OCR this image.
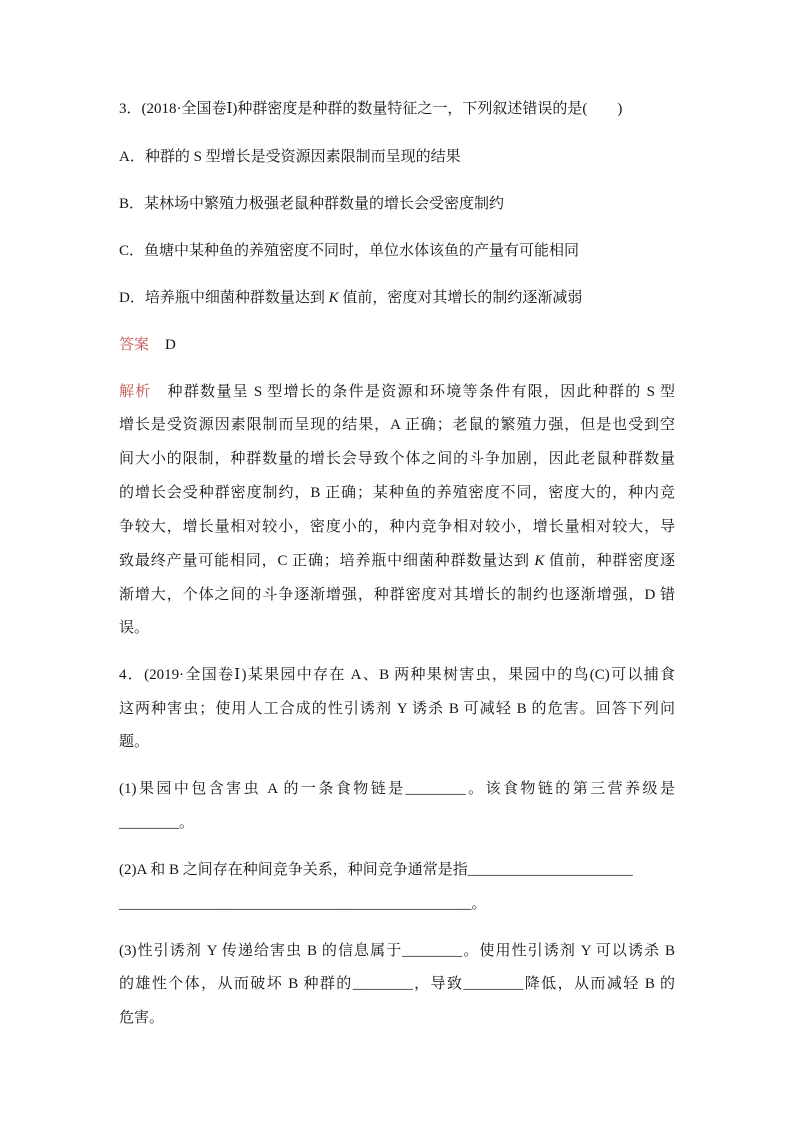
3．(2018·全国卷Ⅰ)种群密度是种群的数量特征之一，下列叙述错误的是(　　)
A．种群的 S 型增长是受资源因素限制而呈现的结果
B．某林场中繁殖力极强老鼠种群数量的增长会受密度制约
C．鱼塘中某种鱼的养殖密度不同时，单位水体该鱼的产量有可能相同
D．培养瓶中细菌种群数量达到 K 值前，密度对其增长的制约逐渐减弱
答案 D
解析 种群数量呈 S 型增长的条件是资源和环境等条件有限，因此种群的 S 型
增长是受资源因素限制而呈现的结果，A 正确；老鼠的繁殖力强，但是也受到空
间大小的限制，种群数量的增长会导致个体之间的斗争加剧，因此老鼠种群数量
的增长会受种群密度制约，B 正确；某种鱼的养殖密度不同，密度大的，种内竞
争较大，增长量相对较小，密度小的，种内竞争相对较小，增长量相对较大，导
致最终产量可能相同，C 正确；培养瓶中细菌种群数量达到 K 值前，种群密度逐
渐增大，个体之间的斗争逐渐增强，种群密度对其增长的制约也逐渐增强，D 错
误。
4．(2019·全国卷Ⅰ)某果园中存在 A、B 两种果树害虫，果园中的鸟(C)可以捕食
这两种害虫；使用人工合成的性引诱剂 Y 诱杀 B 可减轻 B 的危害。回答下列问
题。
(1)果园中包含害虫 A 的一条食物链是________。该食物链的第三营养级是
________。
(2)A 和 B 之间存在种间竞争关系，种间竞争通常是指______________________
_______________________________________________。
(3)性引诱剂 Y 传递给害虫 B 的信息属于________。使用性引诱剂 Y 可以诱杀 B
的雄性个体，从而破坏 B 种群的________，导致________降低，从而减轻 B 的
危害。
